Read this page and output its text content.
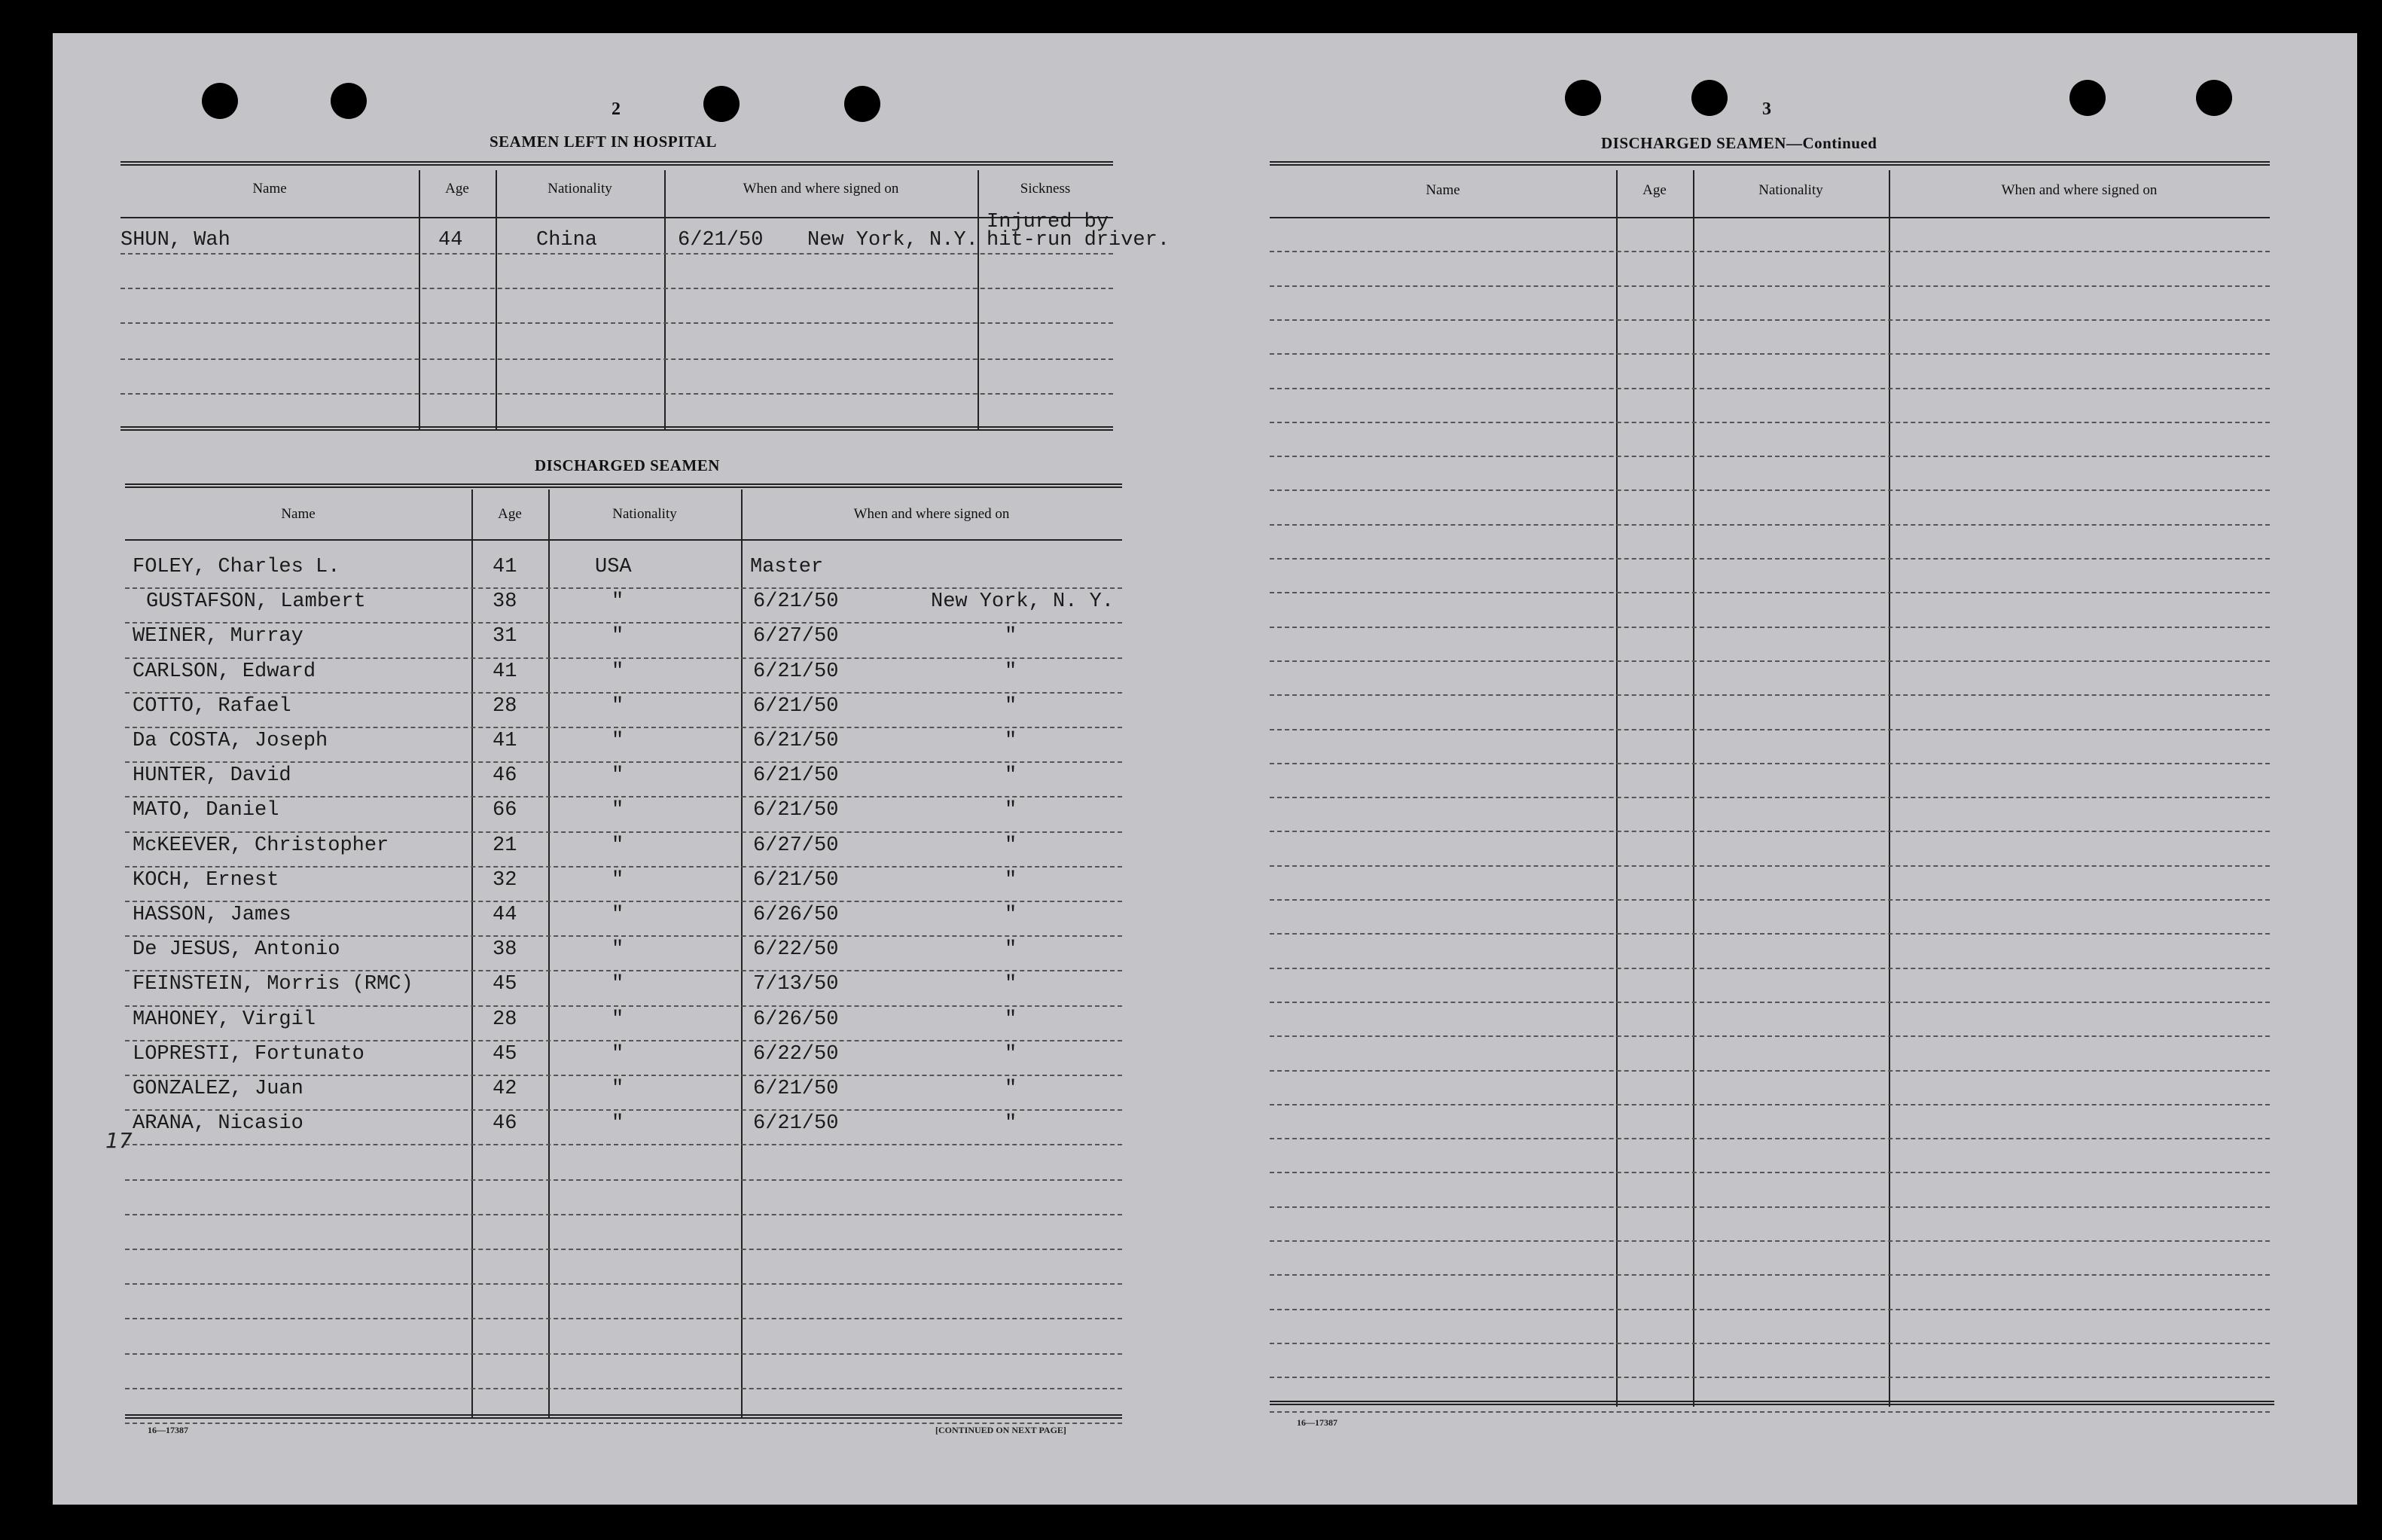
2
SEAMEN LEFT IN HOSPITAL
Name	Age	Nationality	When and where signed on	Sickness
SHUN, Wah	44	China	6/21/50 New York, N.Y.
Injured by
hit-run driver.
DISCHARGED SEAMEN
Name	Age	Nationality	When and where signed on
FOLEY, Charles L.	41	USA	Master
GUSTAFSON, Lambert	38	"	6/21/50	New York, N. Y.
WEINER, Murray	31	"	6/27/50	"
CARLSON, Edward	41	"	6/21/50	"
COTTO, Rafael	28	"	6/21/50	"
Da COSTA, Joseph	41	"	6/21/50	"
HUNTER, David	46	"	6/21/50	"
MATO, Daniel	66	"	6/21/50	"
McKEEVER, Christopher	21	"	6/27/50	"
KOCH, Ernest	32	"	6/21/50	"
HASSON, James	44	"	6/26/50	"
De JESUS, Antonio	38	"	6/22/50	"
FEINSTEIN, Morris (RMC)	45	"	7/13/50	"
MAHONEY, Virgil	28	"	6/26/50	"
LOPRESTI, Fortunato	45	"	6/22/50	"
GONZALEZ, Juan	42	"	6/21/50	"
ARANA, Nicasio	46	"	6/21/50	"
17
16—17387	[CONTINUED ON NEXT PAGE]
3
DISCHARGED SEAMEN—Continued
Name	Age	Nationality	When and where signed on
16—17387
